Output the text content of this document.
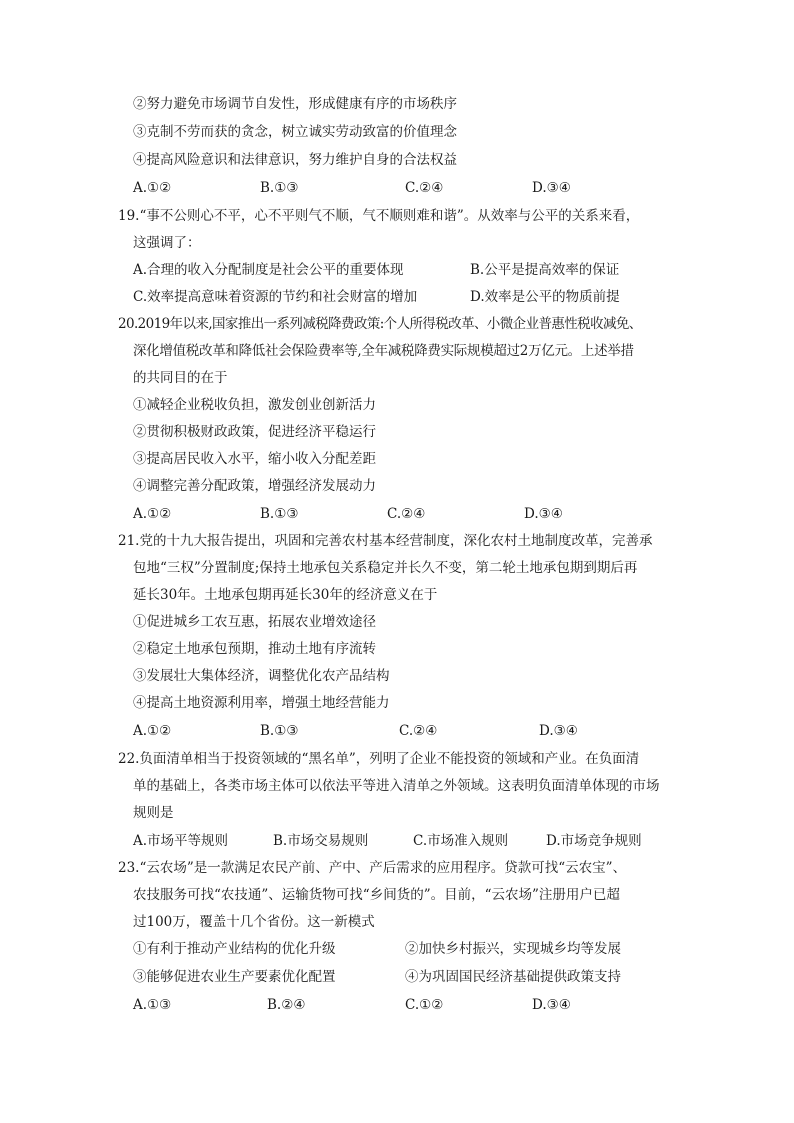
②努力避免市场调节自发性，形成健康有序的市场秩序
③克制不劳而获的贪念，树立诚实劳动致富的价值理念
④提高风险意识和法律意识，努力维护自身的合法权益
A.①②	B.①③	C.②④	D.③④
19.“事不公则心不平，心不平则气不顺，气不顺则难和谐”。从效率与公平的关系来看，
这强调了：
A.合理的收入分配制度是社会公平的重要体现	B.公平是提高效率的保证
C.效率提高意味着资源的节约和社会财富的增加	D.效率是公平的物质前提
20.2019年以来,国家推出一系列减税降费政策:个人所得税改革、小微企业普惠性税收减免、
深化增值税改革和降低社会保险费率等,全年减税降费实际规模超过2万亿元。上述举措
的共同目的在于
①减轻企业税收负担，激发创业创新活力
②贯彻积极财政政策，促进经济平稳运行
③提高居民收入水平，缩小收入分配差距
④调整完善分配政策，增强经济发展动力
A.①②	B.①③	C.②④	D.③④
21.党的十九大报告提出，巩固和完善农村基本经营制度，深化农村土地制度改革，完善承
包地“三权”分置制度;保持土地承包关系稳定并长久不变，第二轮土地承包期到期后再
延长30年。土地承包期再延长30年的经济意义在于
①促进城乡工农互惠，拓展农业增效途径
②稳定土地承包预期，推动土地有序流转
③发展壮大集体经济，调整优化农产品结构
④提高土地资源利用率，增强土地经营能力
A.①②	B.①③	C.②④	D.③④
22.负面清单相当于投资领域的“黑名单”，列明了企业不能投资的领域和产业。在负面清
单的基础上，各类市场主体可以依法平等进入清单之外领域。这表明负面清单体现的市场
规则是
A.市场平等规则	B.市场交易规则	C.市场准入规则	D.市场竞争规则
23.“云农场”是一款满足农民产前、产中、产后需求的应用程序。贷款可找“云农宝”、
农技服务可找“农技通”、运输货物可找“乡间货的”。目前，“云农场”注册用户已超
过100万，覆盖十几个省份。这一新模式
①有利于推动产业结构的优化升级	②加快乡村振兴，实现城乡均等发展
③能够促进农业生产要素优化配置	④为巩固国民经济基础提供政策支持
A.①③	B.②④	C.①②	D.③④
